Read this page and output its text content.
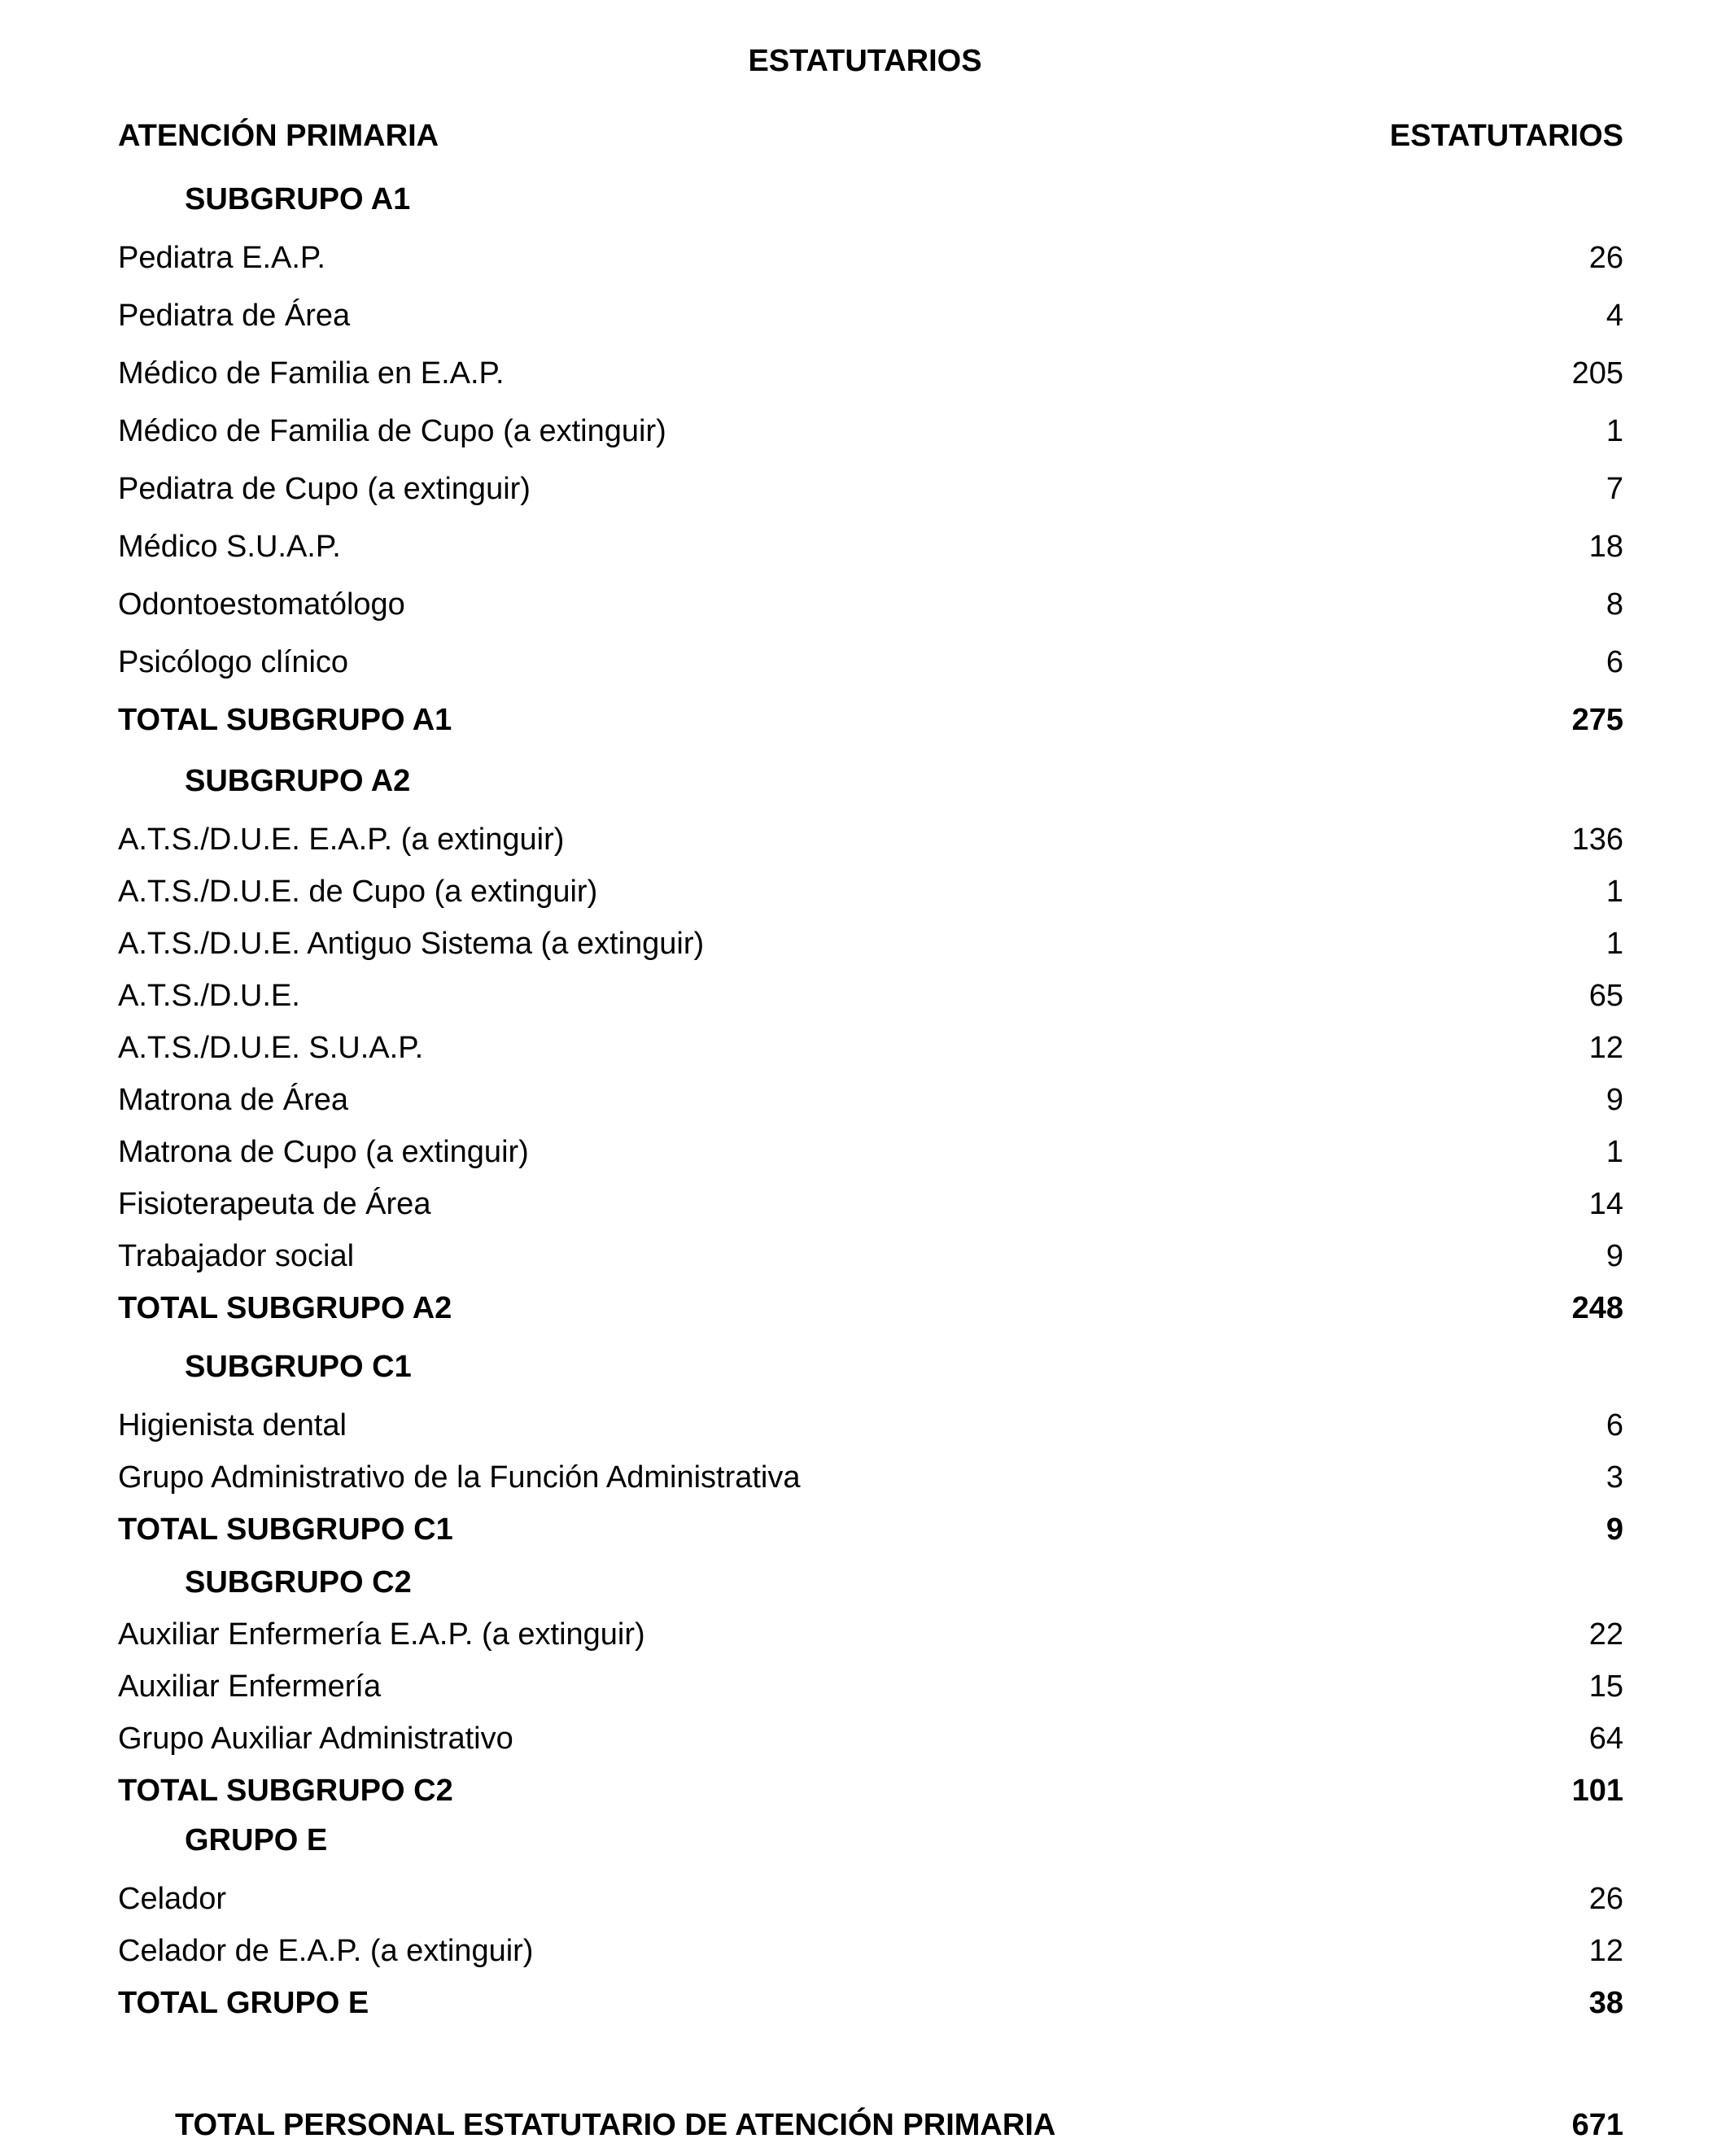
ESTATUTARIOS
ATENCIÓN PRIMARIA	ESTATUTARIOS
SUBGRUPO A1
Pediatra E.A.P.	26
Pediatra de Área	4
Médico de Familia en E.A.P.	205
Médico de Familia de Cupo (a extinguir)	1
Pediatra de Cupo (a extinguir)	7
Médico S.U.A.P.	18
Odontoestomatólogo	8
Psicólogo clínico	6
TOTAL SUBGRUPO A1	275
SUBGRUPO A2
A.T.S./D.U.E. E.A.P. (a extinguir)	136
A.T.S./D.U.E. de Cupo (a extinguir)	1
A.T.S./D.U.E. Antiguo Sistema (a extinguir)	1
A.T.S./D.U.E.	65
A.T.S./D.U.E. S.U.A.P.	12
Matrona de Área	9
Matrona de Cupo (a extinguir)	1
Fisioterapeuta de Área	14
Trabajador social	9
TOTAL SUBGRUPO A2	248
SUBGRUPO C1
Higienista dental	6
Grupo Administrativo de la Función Administrativa	3
TOTAL SUBGRUPO C1	9
SUBGRUPO C2
Auxiliar Enfermería E.A.P. (a extinguir)	22
Auxiliar Enfermería	15
Grupo Auxiliar Administrativo	64
TOTAL SUBGRUPO C2	101
GRUPO E
Celador	26
Celador de E.A.P. (a extinguir)	12
TOTAL GRUPO E	38
TOTAL PERSONAL ESTATUTARIO DE ATENCIÓN PRIMARIA	671
